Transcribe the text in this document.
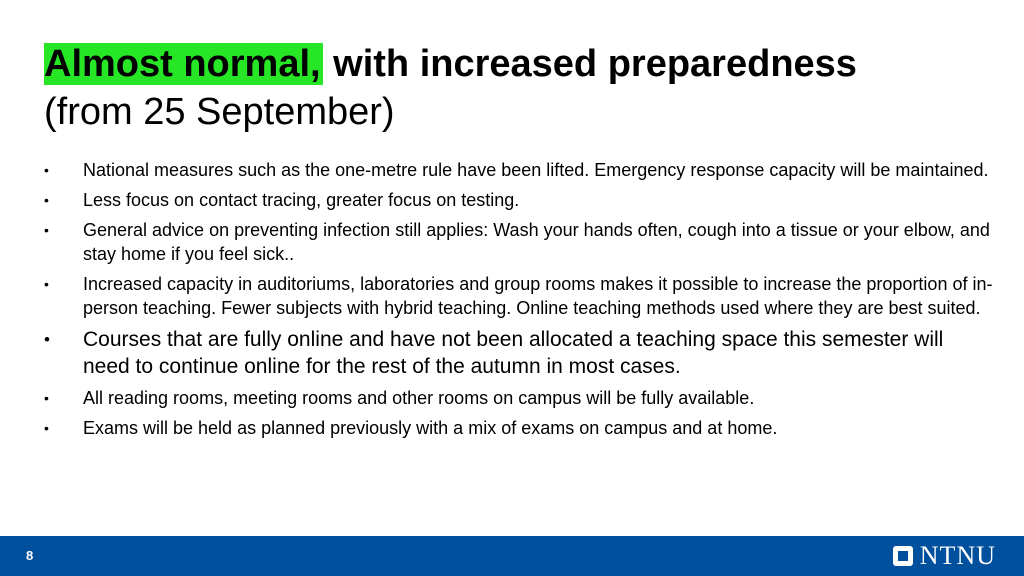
Almost normal, with increased preparedness
(from 25 September)
• National measures such as the one-metre rule have been lifted. Emergency response capacity will be maintained.
• Less focus on contact tracing, greater focus on testing.
• General advice on preventing infection still applies: Wash your hands often, cough into a tissue or your elbow, and stay home if you feel sick..
• Increased capacity in auditoriums, laboratories and group rooms makes it possible to increase the proportion of in-person teaching. Fewer subjects with hybrid teaching. Online teaching methods used where they are best suited.
• Courses that are fully online and have not been allocated a teaching space this semester will need to continue online for the rest of the autumn in most cases.
• All reading rooms, meeting rooms and other rooms on campus will be fully available.
• Exams will be held as planned previously with a mix of exams on campus and at home.
8	NTNU
